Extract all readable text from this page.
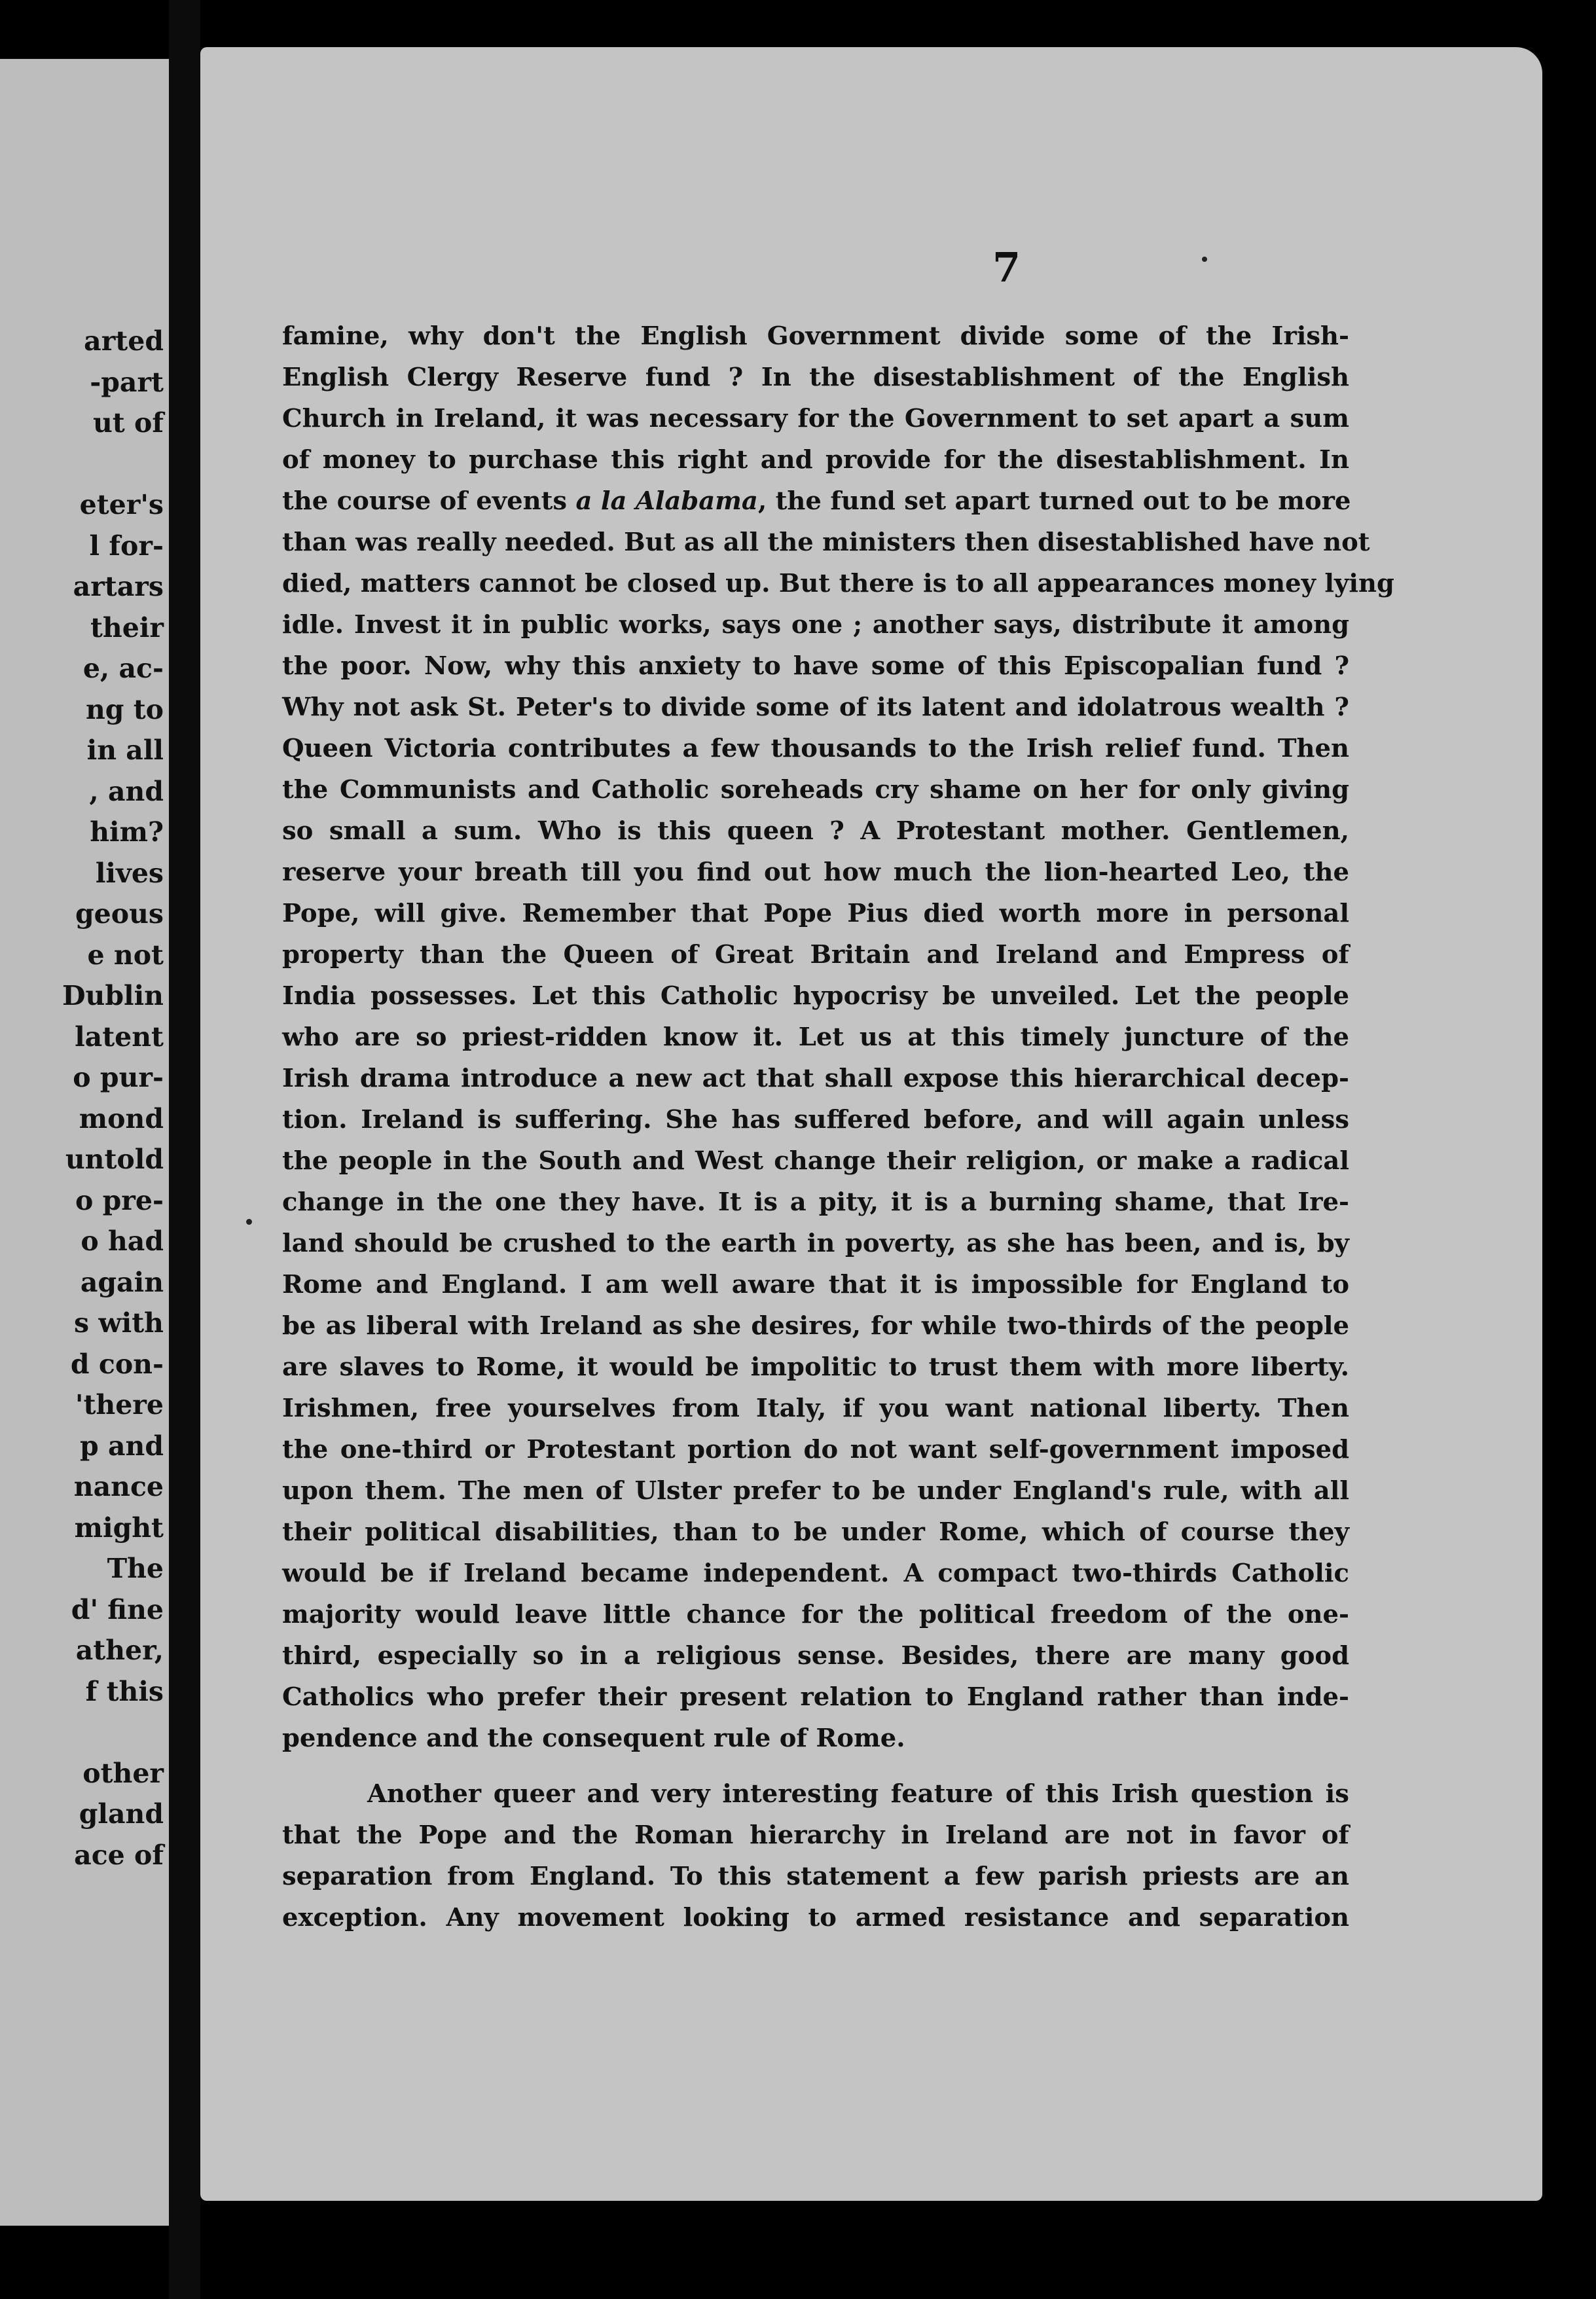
arted
-part
ut of

eter's
l for-
artars
their
e, ac-
ng to
in all
, and
him?
lives
geous
e not
Dublin
latent
o pur-
mond
untold
o pre-
o had
again
s with
d con-
'there
p and
nance
might
The
d' fine
ather,
f this

other
gland
ace of
7
famine, why don't the English Government divide some of the Irish-
English Clergy Reserve fund ? In the disestablishment of the English
Church in Ireland, it was necessary for the Government to set apart a sum
of money to purchase this right and provide for the disestablishment. In
the course of events a la Alabama, the fund set apart turned out to be more
than was really needed. But as all the ministers then disestablished have not
died, matters cannot be closed up. But there is to all appearances money lying
idle. Invest it in public works, says one ; another says, distribute it among
the poor. Now, why this anxiety to have some of this Episcopalian fund ?
Why not ask St. Peter's to divide some of its latent and idolatrous wealth ?
Queen Victoria contributes a few thousands to the Irish relief fund. Then
the Communists and Catholic soreheads cry shame on her for only giving
so small a sum. Who is this queen ? A Protestant mother. Gentlemen,
reserve your breath till you find out how much the lion-hearted Leo, the
Pope, will give. Remember that Pope Pius died worth more in personal
property than the Queen of Great Britain and Ireland and Empress of
India possesses. Let this Catholic hypocrisy be unveiled. Let the people
who are so priest-ridden know it. Let us at this timely juncture of the
Irish drama introduce a new act that shall expose this hierarchical decep-
tion. Ireland is suffering. She has suffered before, and will again unless
the people in the South and West change their religion, or make a radical
change in the one they have. It is a pity, it is a burning shame, that Ire-
land should be crushed to the earth in poverty, as she has been, and is, by
Rome and England. I am well aware that it is impossible for England to
be as liberal with Ireland as she desires, for while two-thirds of the people
are slaves to Rome, it would be impolitic to trust them with more liberty.
Irishmen, free yourselves from Italy, if you want national liberty. Then
the one-third or Protestant portion do not want self-government imposed
upon them. The men of Ulster prefer to be under England's rule, with all
their political disabilities, than to be under Rome, which of course they
would be if Ireland became independent. A compact two-thirds Catholic
majority would leave little chance for the political freedom of the one-
third, especially so in a religious sense. Besides, there are many good
Catholics who prefer their present relation to England rather than inde-
pendence and the consequent rule of Rome.
Another queer and very interesting feature of this Irish question is
that the Pope and the Roman hierarchy in Ireland are not in favor of
separation from England. To this statement a few parish priests are an
exception. Any movement looking to armed resistance and separation
